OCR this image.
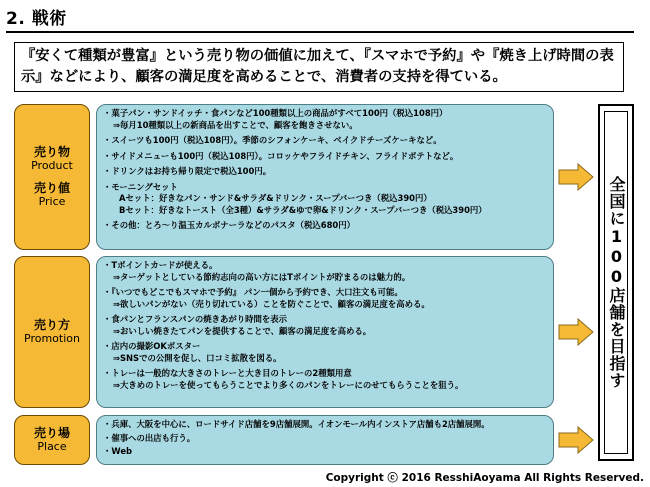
2. 戦術
『安くて種類が豊富』という売り物の価値に加えて、『スマホで予約』や『焼き上げ時間の表示』などにより、顧客の満足度を高めることで、消費者の支持を得ている。
売り物
Product
売り値
Price
・菓子パン・サンドイッチ・食パンなど100種類以上の商品がすべて100円（税込108円）
⇒毎月10種類以上の新商品を出すことで、顧客を飽きさせない。
・スイーツも100円（税込108円）。季節のシフォンケーキ、ベイクドチーズケーキなど。
・サイドメニューも100円（税込108円）。コロッケやフライドチキン、フライドポテトなど。
・ドリンクはお持ち帰り限定で税込100円。
・モーニングセット
Aセット：好きなパン・サンド&サラダ&ドリンク・スープバーつき（税込390円）
Bセット：好きなトースト（全3種）&サラダ&ゆで卵&ドリンク・スープバーつき（税込390円）
・その他：とろ〜り温玉カルボナーラなどのパスタ（税込680円）
売り方
Promotion
・Tポイントカードが使える。
⇒ターゲットとしている節約志向の高い方にはTポイントが貯まるのは魅力的。
・『いつでもどこでもスマホで予約』 パン一個から予約でき、大口注文も可能。
⇒欲しいパンがない（売り切れている）ことを防ぐことで、顧客の満足度を高める。
・食パンとフランスパンの焼きあがり時間を表示
⇒おいしい焼きたてパンを提供することで、顧客の満足度を高める。
・店内の撮影OKポスター
⇒SNSでの公開を促し、口コミ拡散を図る。
・トレーは一般的な大きさのトレーと大き目のトレーの2種類用意
⇒大きめのトレーを使ってもらうことでより多くのパンをトレーにのせてもらうことを狙う。
売り場
Place
・兵庫、大阪を中心に、ロードサイド店舗を9店舗展開。イオンモール内インストア店舗も2店舗展開。
・催事への出店も行う。
・Web
全国に100店舗を目指す
Copyright ⓒ 2016 ResshiAoyama All Rights Reserved.
